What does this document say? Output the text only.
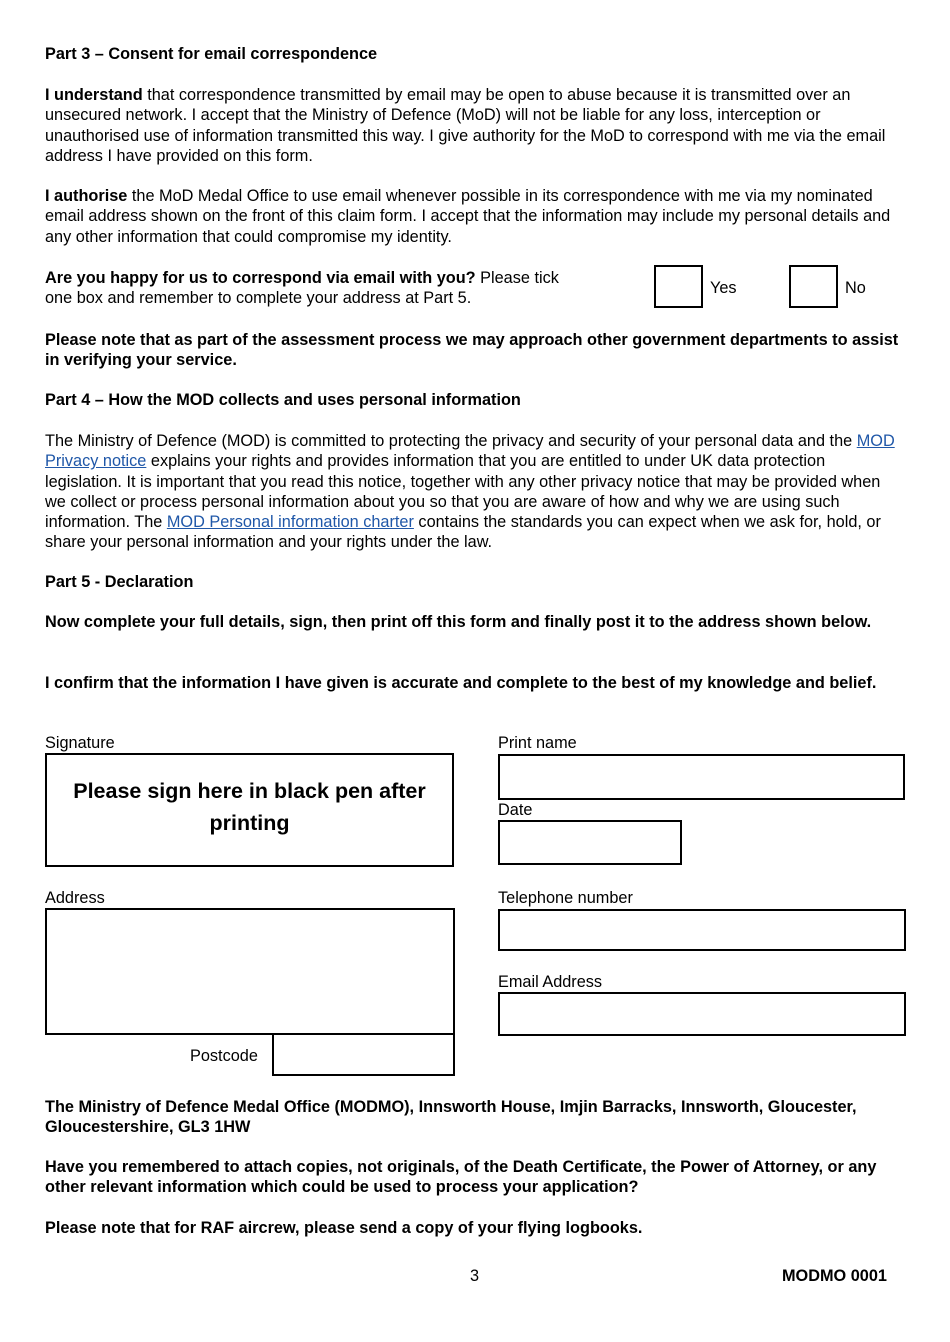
Part 3 – Consent for email correspondence

I understand that correspondence transmitted by email may be open to abuse because it is transmitted over an unsecured network. I accept that the Ministry of Defence (MoD) will not be liable for any loss, interception or unauthorised use of information transmitted this way. I give authority for the MoD to correspond with me via the email address I have provided on this form.

I authorise the MoD Medal Office to use email whenever possible in its correspondence with me via my nominated email address shown on the front of this claim form. I accept that the information may include my personal details and any other information that could compromise my identity.

Are you happy for us to correspond via email with you? Please tick one box and remember to complete your address at Part 5.

Yes	No

Please note that as part of the assessment process we may approach other government departments to assist in verifying your service.

Part 4 – How the MOD collects and uses personal information

The Ministry of Defence (MOD) is committed to protecting the privacy and security of your personal data and the MOD Privacy notice explains your rights and provides information that you are entitled to under UK data protection legislation. It is important that you read this notice, together with any other privacy notice that may be provided when we collect or process personal information about you so that you are aware of how and why we are using such information. The MOD Personal information charter contains the standards you can expect when we ask for, hold, or share your personal information and your rights under the law.

Part 5 - Declaration

Now complete your full details, sign, then print off this form and finally post it to the address shown below.

I confirm that the information I have given is accurate and complete to the best of my knowledge and belief.

Signature
Please sign here in black pen after printing
Print name
Date
Address
Postcode
Telephone number
Email Address

The Ministry of Defence Medal Office (MODMO), Innsworth House, Imjin Barracks, Innsworth, Gloucester, Gloucestershire, GL3 1HW

Have you remembered to attach copies, not originals, of the Death Certificate, the Power of Attorney, or any other relevant information which could be used to process your application?

Please note that for RAF aircrew, please send a copy of your flying logbooks.

3	MODMO 0001
